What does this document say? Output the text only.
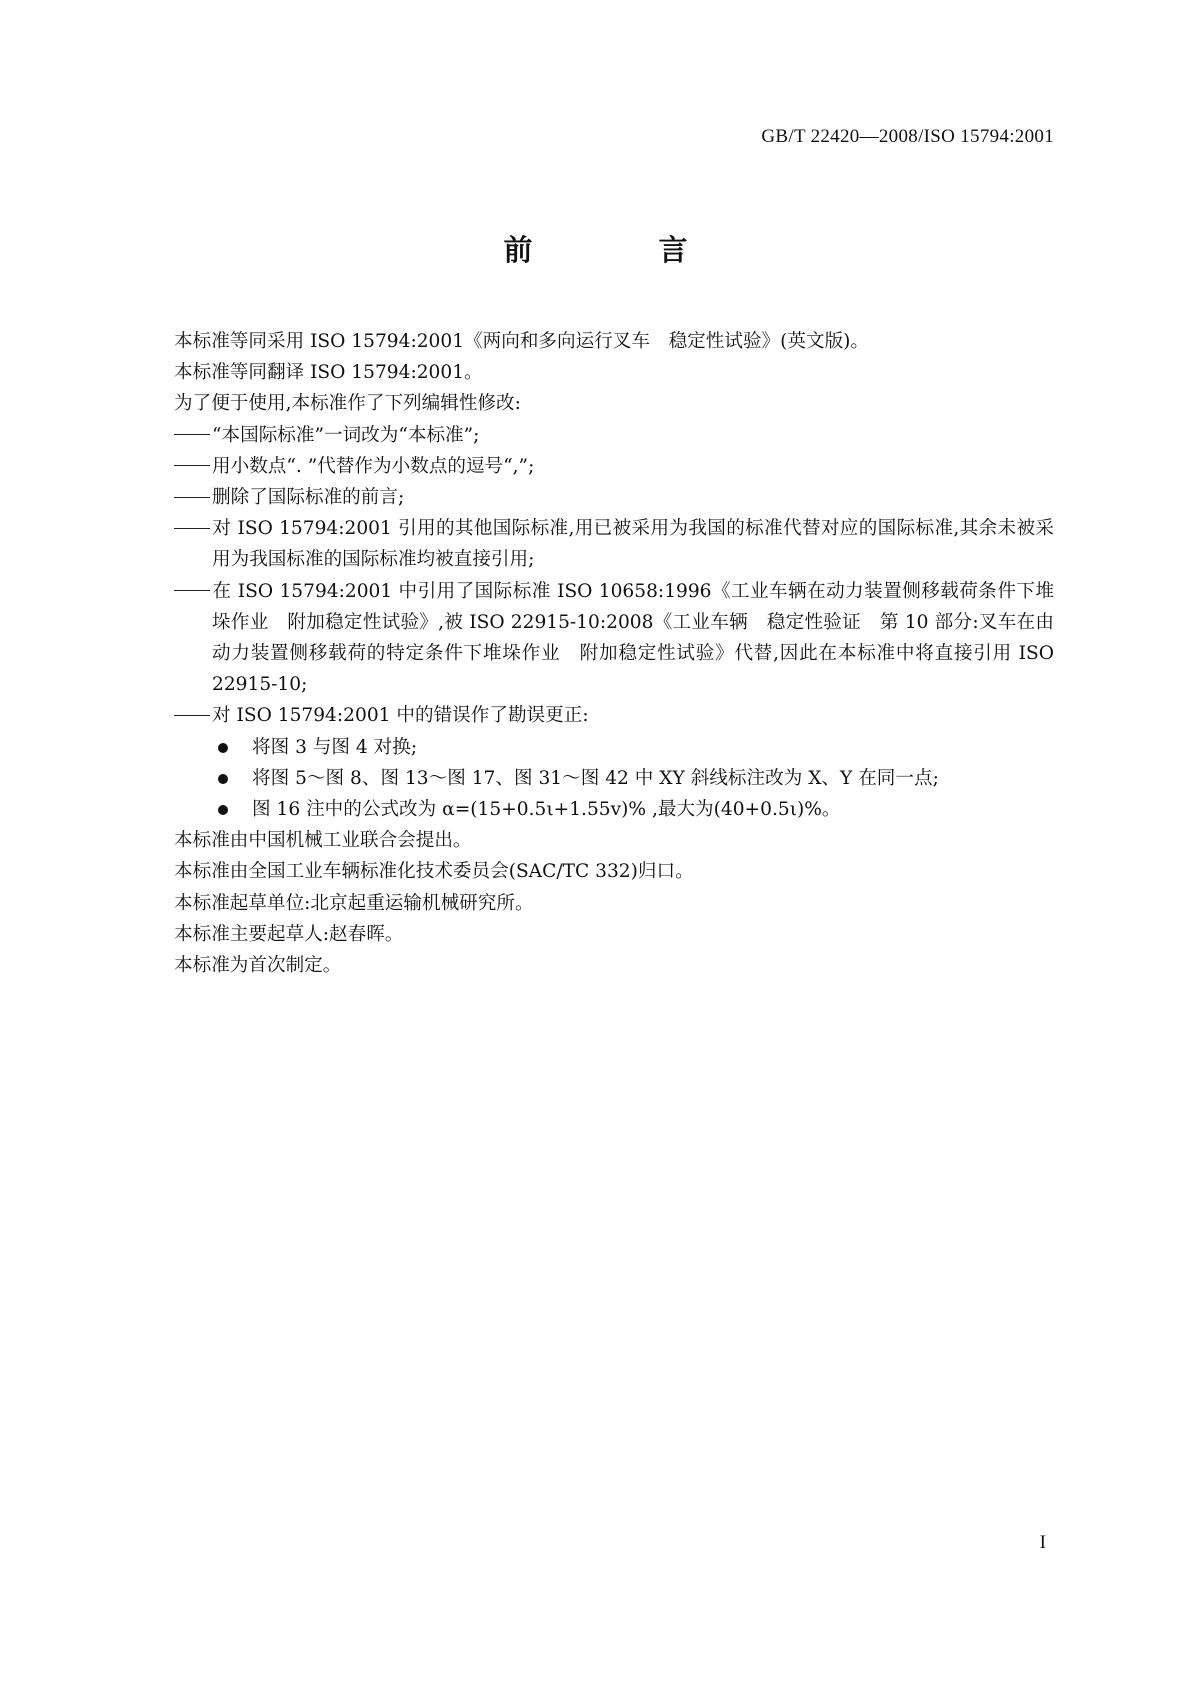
GB/T 22420—2008/ISO 15794:2001
前 言

本标准等同采用 ISO 15794:2001《两向和多向运行叉车　稳定性试验》(英文版)。

本标准等同翻译 ISO 15794:2001。

为了便于使用,本标准作了下列编辑性修改:

“本国际标准”一词改为“本标准”;

用小数点“. ”代替作为小数点的逗号“,”;

删除了国际标准的前言;

对 ISO 15794:2001 引用的其他国际标准,用已被采用为我国的标准代替对应的国际标准,其余未被采用为我国标准的国际标准均被直接引用;

在 ISO 15794:2001 中引用了国际标准 ISO 10658:1996《工业车辆在动力装置侧移载荷条件下堆垛作业　附加稳定性试验》,被 ISO 22915-10:2008《工业车辆　稳定性验证　第 10 部分:叉车在由动力装置侧移载荷的特定条件下堆垛作业　附加稳定性试验》代替,因此在本标准中将直接引用 ISO 22915-10;

对 ISO 15794:2001 中的错误作了勘误更正:

将图 3 与图 4 对换;

将图 5～图 8、图 13～图 17、图 31～图 42 中 XY 斜线标注改为 X、Y 在同一点;

图 16 注中的公式改为 α=(15+0.5ι+1.55v)% ,最大为(40+0.5ι)%。

本标准由中国机械工业联合会提出。

本标准由全国工业车辆标准化技术委员会(SAC/TC 332)归口。

本标准起草单位:北京起重运输机械研究所。

本标准主要起草人:赵春晖。

本标准为首次制定。

I
